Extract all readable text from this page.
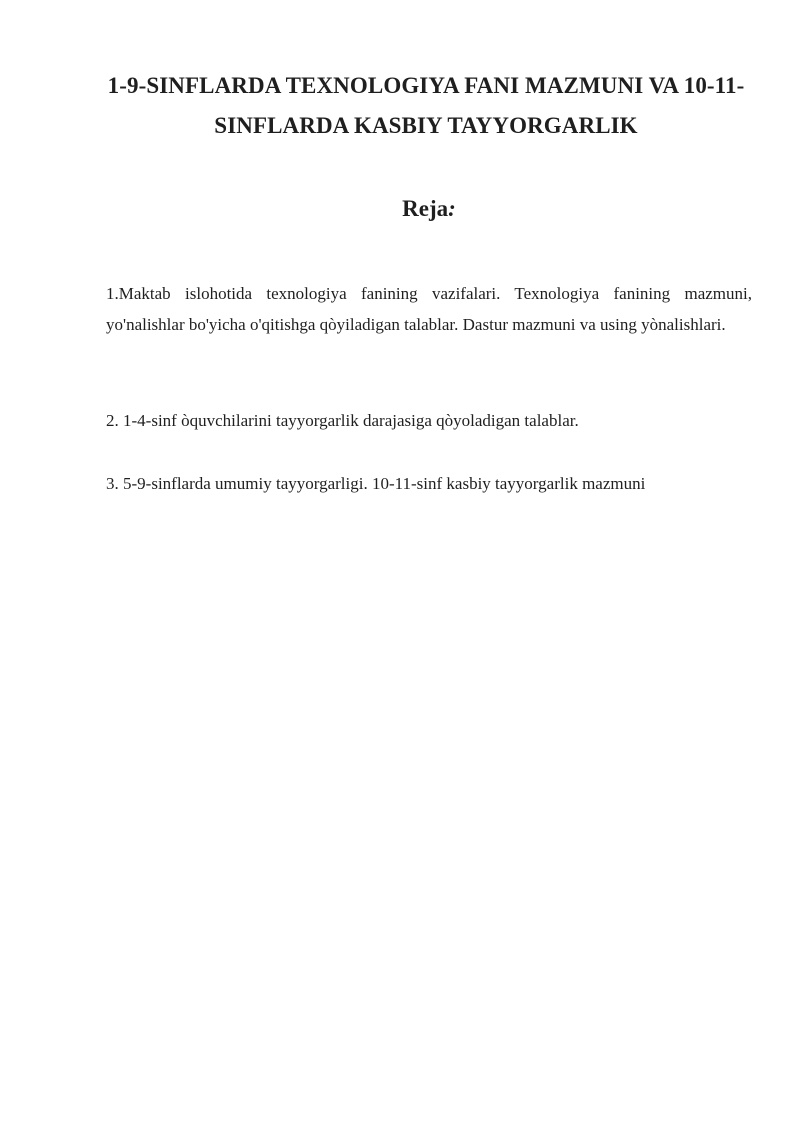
1-9-SINFLARDA TEXNOLOGIYA FANI MAZMUNI VA 10-11-SINFLARDA KASBIY TAYYORGARLIK
Reja:

1.Maktab islohotida texnologiya fanining vazifalari. Texnologiya fanining mazmuni, yo'nalishlar bo'yicha o'qitishga qòyiladigan talablar. Dastur mazmuni va using yònalishlari.

2. 1-4-sinf òquvchilarini tayyorgarlik darajasiga qòyoladigan talablar.

3. 5-9-sinflarda umumiy tayyorgarligi. 10-11-sinf kasbiy tayyorgarlik mazmuni
